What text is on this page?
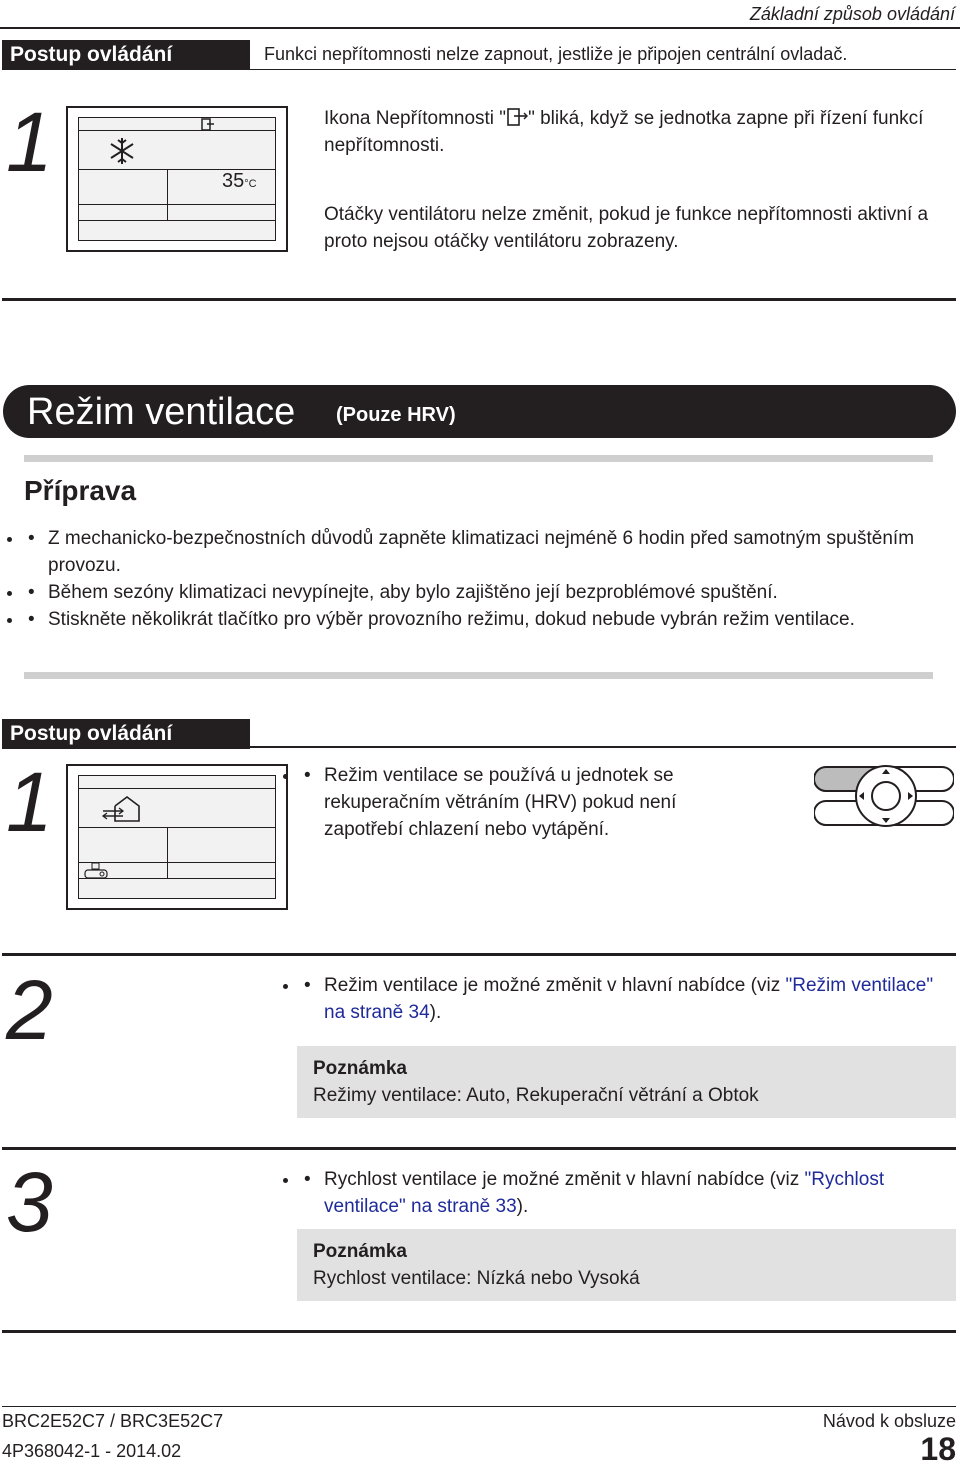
Základní způsob ovládání
Postup ovládání	Funkci nepřítomnosti nelze zapnout, jestliže je připojen centrální ovladač.
1	35°C
Ikona Nepřítomnosti " " bliká, když se jednotka zapne při řízení funkcí nepřítomnosti.
Otáčky ventilátoru nelze změnit, pokud je funkce nepřítomnosti aktivní a proto nejsou otáčky ventilátoru zobrazeny.
Režim ventilace (Pouze HRV)
Příprava
• • Z mechanicko-bezpečnostních důvodů zapněte klimatizaci nejméně 6 hodin před samotným spuštěním provozu.
• • Během sezóny klimatizaci nevypínejte, aby bylo zajištěno její bezproblémové spuštění.
• • Stiskněte několikrát tlačítko pro výběr provozního režimu, dokud nebude vybrán režim ventilace.
Postup ovládání
1	• • Režim ventilace se používá u jednotek se rekuperačním větráním (HRV) pokud není zapotřebí chlazení nebo vytápění.
2	• • Režim ventilace je možné změnit v hlavní nabídce (viz "Režim ventilace" na straně 34).
Poznámka
Režimy ventilace: Auto, Rekuperační větrání a Obtok
3	• • Rychlost ventilace je možné změnit v hlavní nabídce (viz "Rychlost ventilace" na straně 33).
Poznámka
Rychlost ventilace: Nízká nebo Vysoká
BRC2E52C7 / BRC3E52C7
4P368042-1 - 2014.02
Návod k obsluze
18
